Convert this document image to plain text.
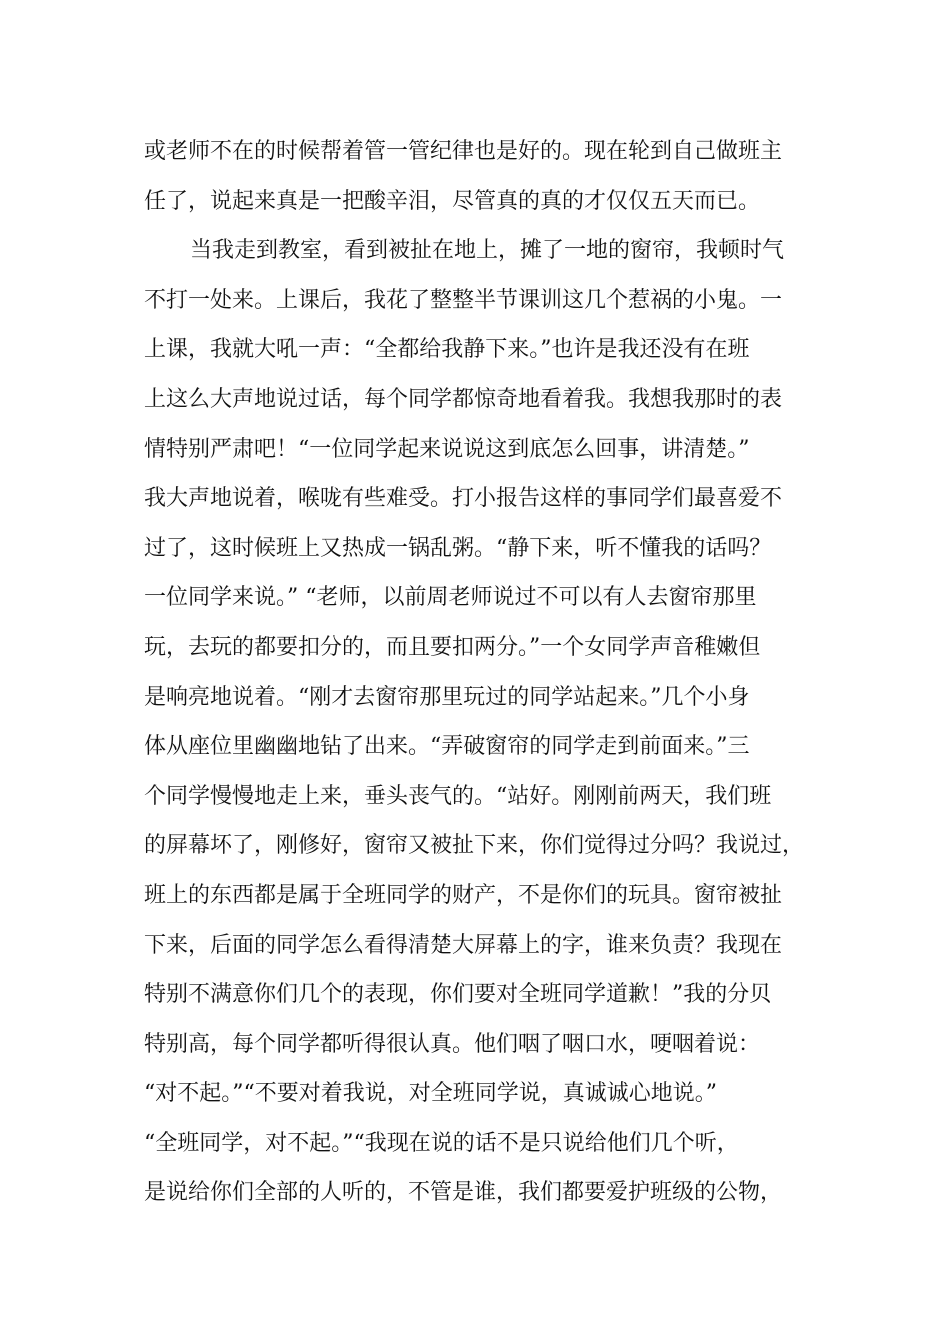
或老师不在的时候帮着管一管纪律也是好的。现在轮到自己做班主
任了，说起来真是一把酸辛泪，尽管真的真的才仅仅五天而已。
当我走到教室，看到被扯在地上，摊了一地的窗帘，我顿时气
不打一处来。上课后，我花了整整半节课训这几个惹祸的小鬼。一
上课，我就大吼一声：“全都给我静下来。”也许是我还没有在班
上这么大声地说过话，每个同学都惊奇地看着我。我想我那时的表
情特别严肃吧！“一位同学起来说说这到底怎么回事，讲清楚。”
我大声地说着，喉咙有些难受。打小报告这样的事同学们最喜爱不
过了，这时候班上又热成一锅乱粥。“静下来，听不懂我的话吗？
一位同学来说。” “老师，以前周老师说过不可以有人去窗帘那里
玩，去玩的都要扣分的，而且要扣两分。”一个女同学声音稚嫩但
是响亮地说着。“刚才去窗帘那里玩过的同学站起来。”几个小身
体从座位里幽幽地钻了出来。“弄破窗帘的同学走到前面来。”三
个同学慢慢地走上来，垂头丧气的。“站好。刚刚前两天，我们班
的屏幕坏了，刚修好，窗帘又被扯下来，你们觉得过分吗？我说过，
班上的东西都是属于全班同学的财产，不是你们的玩具。窗帘被扯
下来，后面的同学怎么看得清楚大屏幕上的字，谁来负责？我现在
特别不满意你们几个的表现，你们要对全班同学道歉！”我的分贝
特别高，每个同学都听得很认真。他们咽了咽口水，哽咽着说：
“对不起。”“不要对着我说，对全班同学说，真诚诚心地说。”
“全班同学，对不起。”“我现在说的话不是只说给他们几个听，
是说给你们全部的人听的，不管是谁，我们都要爱护班级的公物，
